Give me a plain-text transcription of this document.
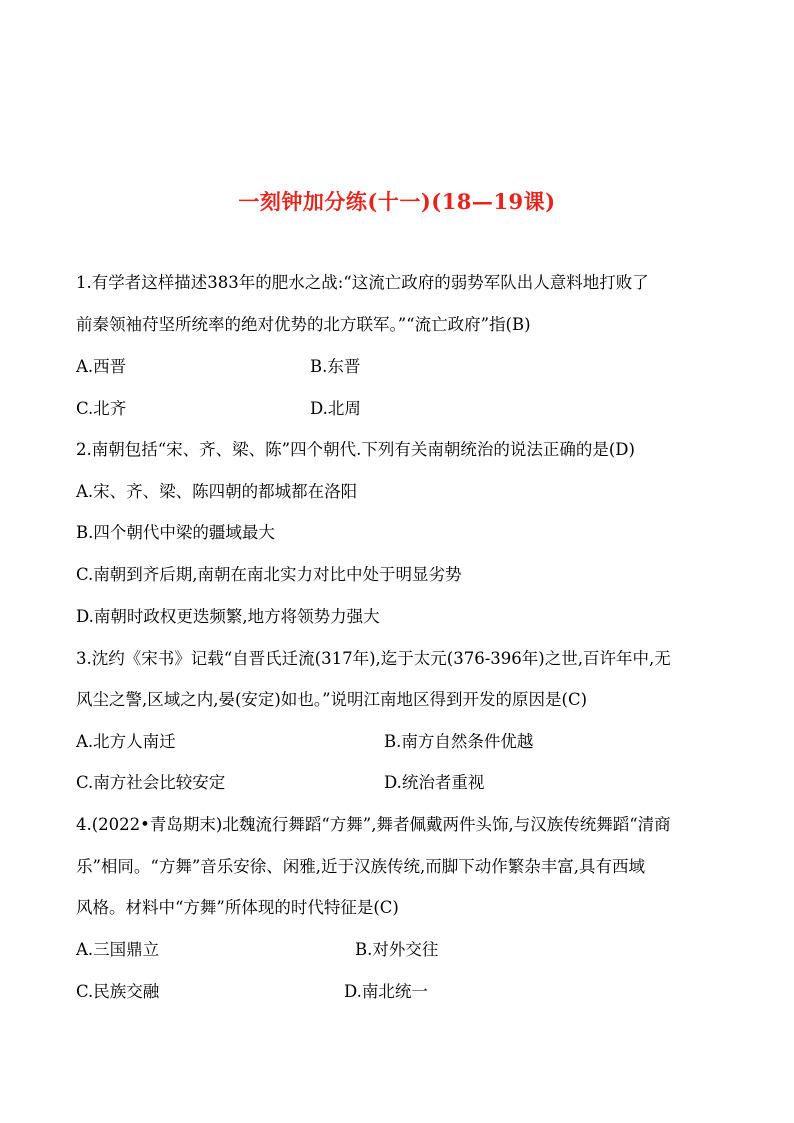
一刻钟加分练(十一)(18—19课)
1.有学者这样描述383年的肥水之战:“这流亡政府的弱势军队出人意料地打败了
前秦领袖苻坚所统率的绝对优势的北方联军。”“流亡政府”指(B)
A.西晋	B.东晋
C.北齐	D.北周
2.南朝包括“宋、齐、梁、陈”四个朝代.下列有关南朝统治的说法正确的是(D)
A.宋、齐、梁、陈四朝的都城都在洛阳
B.四个朝代中梁的疆域最大
C.南朝到齐后期,南朝在南北实力对比中处于明显劣势
D.南朝时政权更迭频繁,地方将领势力强大
3.沈约《宋书》记载“自晋氏迁流(317年),迄于太元(376-396年)之世,百许年中,无
风尘之警,区域之内,晏(安定)如也。”说明江南地区得到开发的原因是(C)
A.北方人南迁	B.南方自然条件优越
C.南方社会比较安定	D.统治者重视
4.(2022•青岛期末)北魏流行舞蹈“方舞”,舞者佩戴两件头饰,与汉族传统舞蹈“清商
乐”相同。“方舞”音乐安徐、闲雅,近于汉族传统,而脚下动作繁杂丰富,具有西域
风格。材料中“方舞”所体现的时代特征是(C)
A.三国鼎立	B.对外交往
C.民族交融	D.南北统一
